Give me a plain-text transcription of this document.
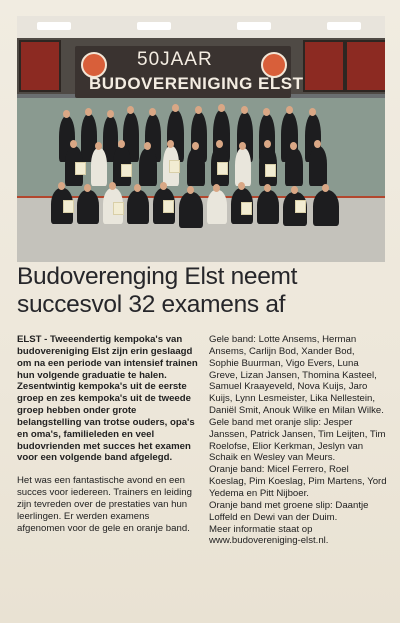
50JAAR
BUDOVERENIGING ELST
Budoverenging Elst neemt
succesvol 32 examens af

ELST - Tweeendertig kempoka's van budovereniging Elst zijn erin geslaagd om na een periode van intensief trainen hun volgende graduatie te halen. Zesentwintig kempoka's uit de eerste groep en zes kempoka's uit de tweede groep hebben onder grote belangstelling van trotse ouders, opa's en oma's, familieleden en veel budovrienden met succes het examen voor een volgende band afgelegd.

Het was een fantastische avond en een succes voor iedereen. Trainers en leiding zijn tevreden over de prestaties van hun leerlingen. Er werden examens afgenomen voor de gele en oranje band.

Gele band: Lotte Ansems, Herman Ansems, Carlijn Bod, Xander Bod, Sophie Buurman, Vigo Evers, Luna Greve, Lizan Jansen, Thomina Kasteel, Samuel Kraayeveld, Nova Kuijs, Jaro Kuijs, Lynn Lesmeister, Lika Nellestein, Daniël Smit, Anouk Wilke en Milan Wilke.

Gele band met oranje slip: Jesper Janssen, Patrick Jansen, Tim Leijten, Tim Roelofse, Elior Kerkman, Jeslyn van Schaik en Wesley van Meurs.

Oranje band: Micel Ferrero, Roel Koeslag, Pim Koeslag, Pim Martens, Yord Yedema en Pitt Nijboer.

Oranje band met groene slip: Daantje Loffeld en Dewi van der Duim.

Meer informatie staat op

www.budovereniging-elst.nl.
